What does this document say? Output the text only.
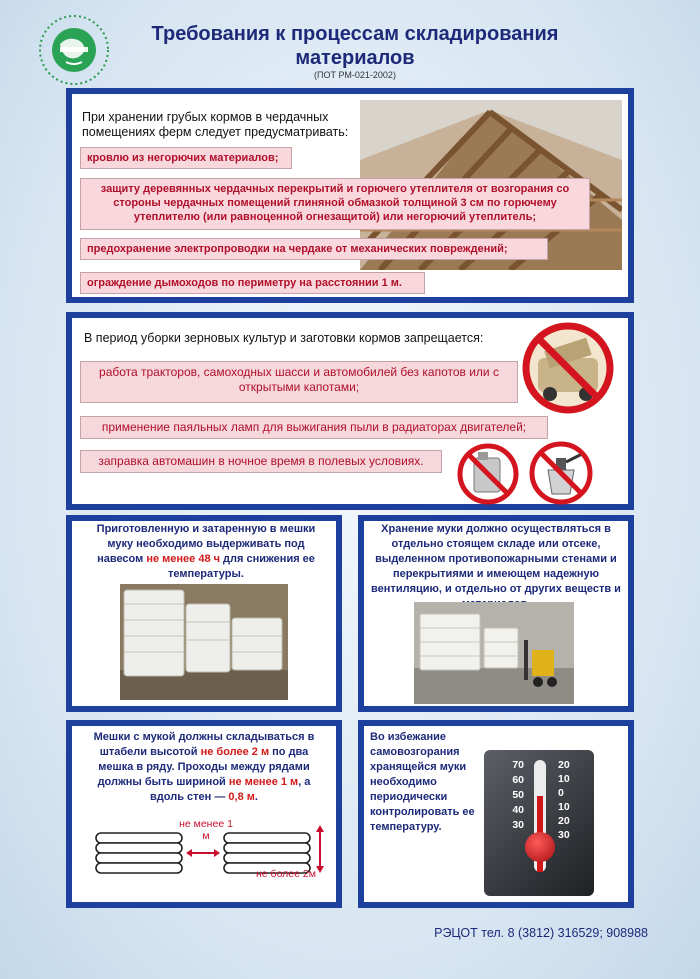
Требования к процессам складирования материалов
(ПОТ РМ-021-2002)
При хранении грубых кормов в чердачных помещениях ферм следует предусматривать:
кровлю из негорючих материалов;
защиту деревянных чердачных перекрытий и горючего утеплителя от возгорания со стороны чердачных помещений глиняной обмазкой толщиной 3 см по горючему утеплителю (или равноценной огнезащитой) или негорючий утеплитель;
предохранение электропроводки на чердаке от механических повреждений;
ограждение дымоходов по периметру на расстоянии 1 м.
В период уборки зерновых культур и заготовки кормов запрещается:
работа тракторов, самоходных шасси и автомобилей без капотов или с открытыми капотами;
применение паяльных ламп для выжигания пыли в радиаторах двигателей;
заправка автомашин в ночное время в полевых условиях.
Приготовленную и затаренную в мешки муку необходимо выдерживать под навесом не менее 48 ч для снижения ее температуры.
Хранение муки должно осуществляться в отдельно стоящем складе или отсеке, выделенном противопожарными стенами и перекрытиями и имеющем надежную вентиляцию, и отдельно от других веществ и
Мешки с мукой должны складываться в штабели высотой не более 2 м по два мешка в ряду. Проходы между рядами должны быть шириной не менее 1 м, а вдоль стен — 0,8 м.
не менее 1 м
не более 2м
Во избежание самовозгорания хранящейся муки необходимо периодически контролировать ее температуру.
70
60
50
40
30
20
10
0
10
20
30
РЭЦОТ тел. 8 (3812) 316529; 908988
